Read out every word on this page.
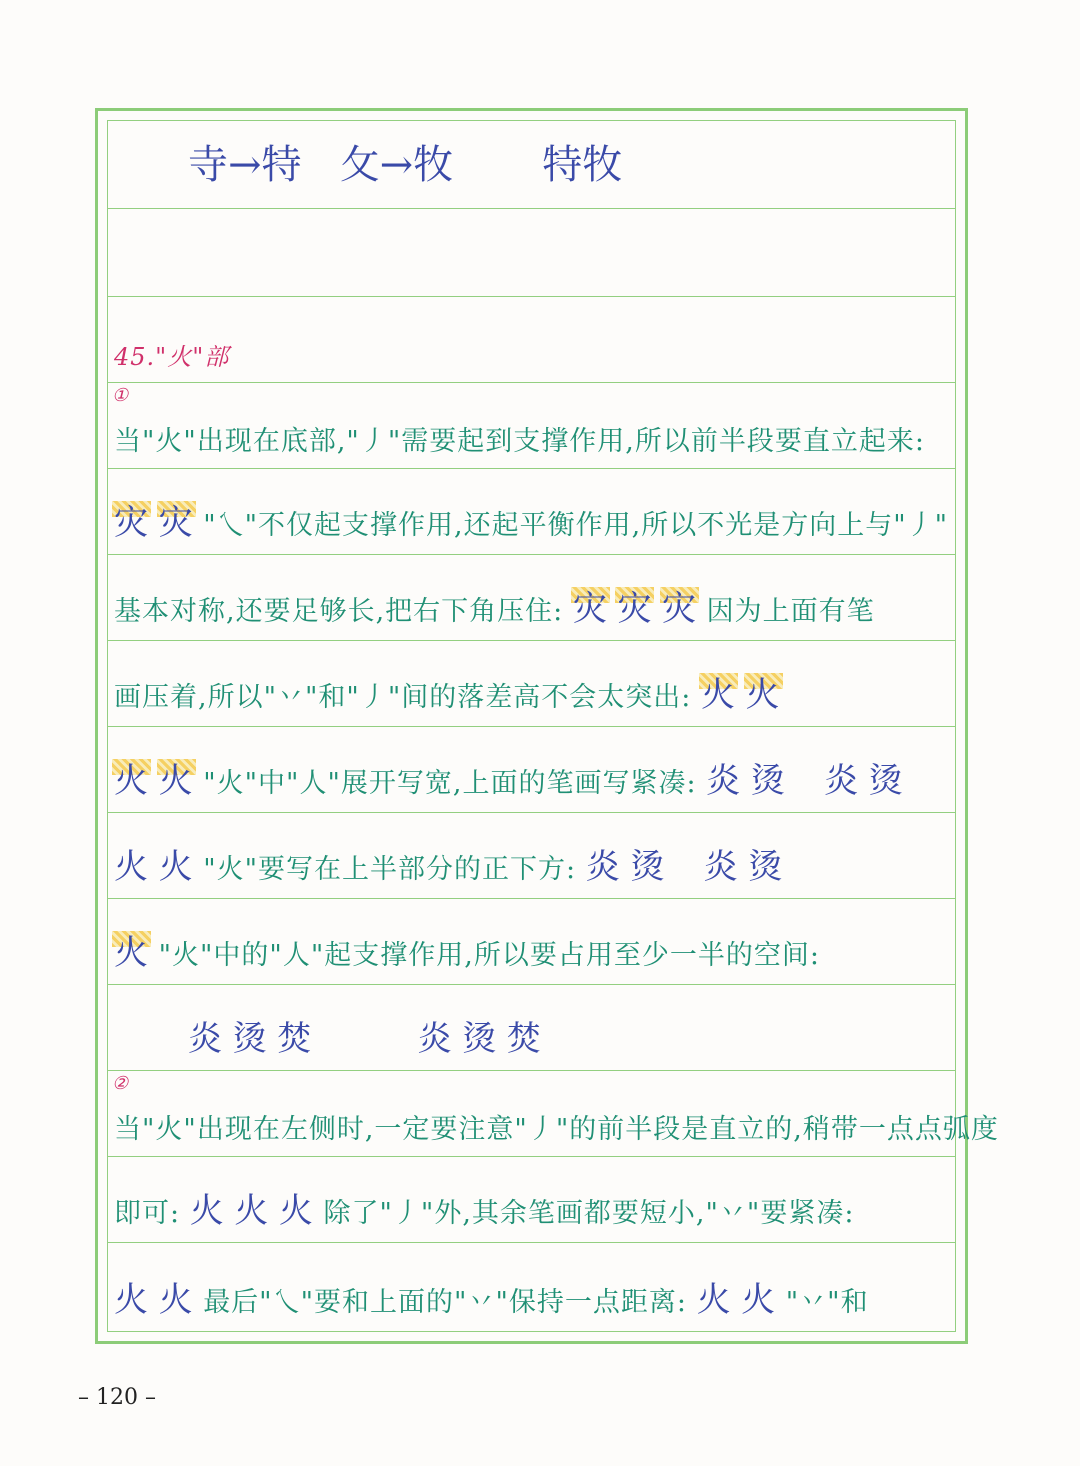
寺→特 攵→牧 特牧
45."火"部
①
当"火"出现在底部,"丿"需要起到支撑作用,所以前半段要直立起来:
灾 灾 "乀"不仅起支撑作用,还起平衡作用,所以不光是方向上与"丿"
基本对称,还要足够长,把右下角压住: 灾 灾 灾 因为上面有笔
画压着,所以"丷"和"丿"间的落差高不会太突出: 火 火
火 火 "火"中"人"展开写宽,上面的笔画写紧凑: 炎 烫 炎 烫
火 火 "火"要写在上半部分的正下方: 炎 烫 炎 烫
火 "火"中的"人"起支撑作用,所以要占用至少一半的空间:
炎 烫 焚	炎 烫 焚
②
当"火"出现在左侧时,一定要注意"丿"的前半段是直立的,稍带一点点弧度
即可: 火 火 火 除了"丿"外,其余笔画都要短小,"丷"要紧凑:
火 火 最后"乀"要和上面的"丷"保持一点距离: 火 火 "丷"和
– 120 –
